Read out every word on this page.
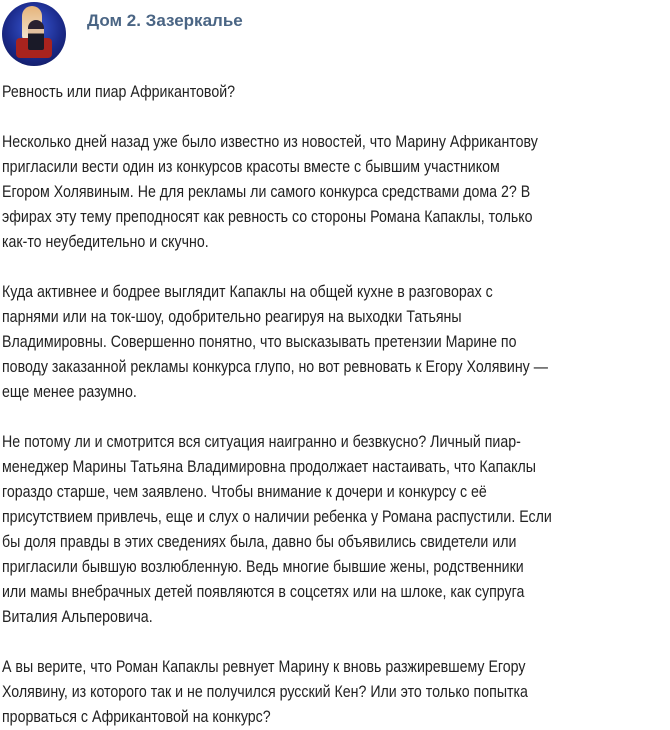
Дом 2. Зазеркалье
Ревность или пиар Африкантовой?
Несколько дней назад уже было известно из новостей, что Марину Африкантову
пригласили вести один из конкурсов красоты вместе с бывшим участником
Егором Холявиным. Не для рекламы ли самого конкурса средствами дома 2? В
эфирах эту тему преподносят как ревность со стороны Романа Капаклы, только
как-то неубедительно и скучно.
Куда активнее и бодрее выглядит Капаклы на общей кухне в разговорах с
парнями или на ток-шоу, одобрительно реагируя на выходки Татьяны
Владимировны. Совершенно понятно, что высказывать претензии Марине по
поводу заказанной рекламы конкурса глупо, но вот ревновать к Егору Холявину —
еще менее разумно.
Не потому ли и смотрится вся ситуация наигранно и безвкусно? Личный пиар-
менеджер Марины Татьяна Владимировна продолжает настаивать, что Капаклы
гораздо старше, чем заявлено. Чтобы внимание к дочери и конкурсу с её
присутствием привлечь, еще и слух о наличии ребенка у Романа распустили. Если
бы доля правды в этих сведениях была, давно бы объявились свидетели или
пригласили бывшую возлюбленную. Ведь многие бывшие жены, родственники
или мамы внебрачных детей появляются в соцсетях или на шлоке, как супруга
Виталия Альперовича.
А вы верите, что Роман Капаклы ревнует Марину к вновь разжиревшему Егору
Холявину, из которого так и не получился русский Кен? Или это только попытка
прорваться с Африкантовой на конкурс?
